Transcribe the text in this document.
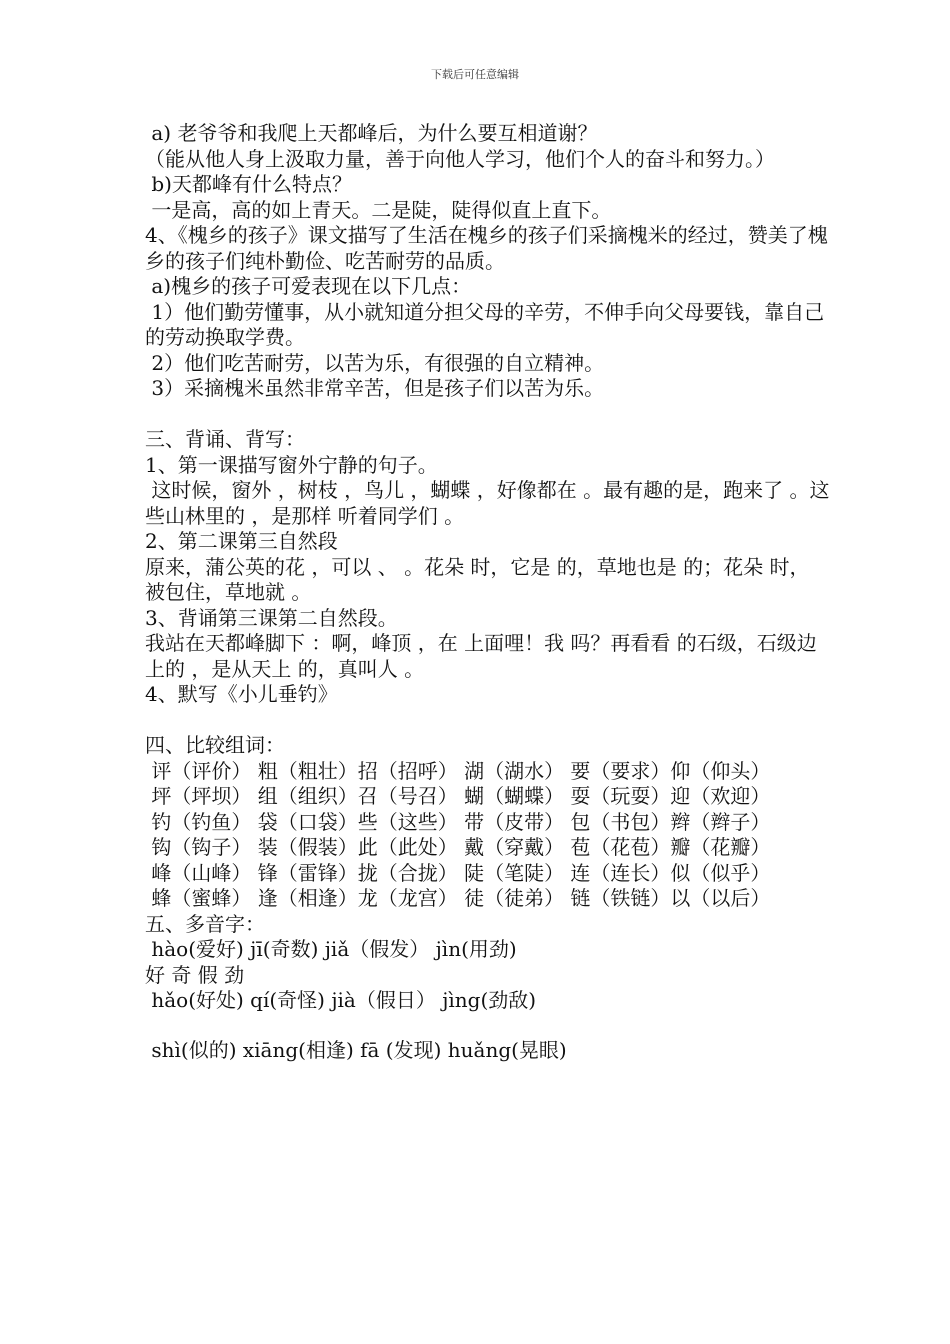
下载后可任意编辑
a) 老爷爷和我爬上天都峰后，为什么要互相道谢？
（能从他人身上汲取力量，善于向他人学习，他们个人的奋斗和努力。）
b)天都峰有什么特点？
一是高，高的如上青天。二是陡，陡得似直上直下。
4、《槐乡的孩子》课文描写了生活在槐乡的孩子们采摘槐米的经过，赞美了槐乡的孩子们纯朴勤俭、吃苦耐劳的品质。
a)槐乡的孩子可爱表现在以下几点：
1）他们勤劳懂事，从小就知道分担父母的辛劳，不伸手向父母要钱，靠自己的劳动换取学费。
2）他们吃苦耐劳，以苦为乐，有很强的自立精神。
3）采摘槐米虽然非常辛苦，但是孩子们以苦为乐。
三、背诵、背写：
1、第一课描写窗外宁静的句子。
这时候，窗外 ，树枝 ，鸟儿 ，蝴蝶 ，好像都在 。最有趣的是，跑来了 。这些山林里的 ，是那样 听着同学们 。
2、第二课第三自然段
原来，蒲公英的花 ，可以 、 。花朵 时，它是 的，草地也是 的；花朵 时， 被包住，草地就 。
3、背诵第三课第二自然段。
我站在天都峰脚下 ：啊，峰顶 ，在 上面哩！我 吗？再看看 的石级，石级边上的 ，是从天上 的，真叫人 。
4、默写《小儿垂钓》
四、比较组词：
评（评价） 粗（粗壮）招（招呼） 湖（湖水） 要（要求）仰（仰头）
坪（坪坝） 组（组织）召（号召） 蝴（蝴蝶） 耍（玩耍）迎（欢迎）
钓（钓鱼） 袋（口袋）些（这些） 带（皮带） 包（书包）辫（辫子）
钩（钩子） 装（假装）此（此处） 戴（穿戴） 苞（花苞）瓣（花瓣）
峰（山峰） 锋（雷锋）拢（合拢） 陡（笔陡） 连（连长）似（似乎）
蜂（蜜蜂） 逢（相逢）龙（龙宫） 徒（徒弟） 链（铁链）以（以后）
五、多音字：
hào(爱好) jī(奇数) jiǎ（假发） jìn(用劲)
好 奇 假 劲
hǎo(好处) qí(奇怪) jià（假日） jìng(劲敌)
shì(似的) xiāng(相逢) fā (发现) huǎng(晃眼)
